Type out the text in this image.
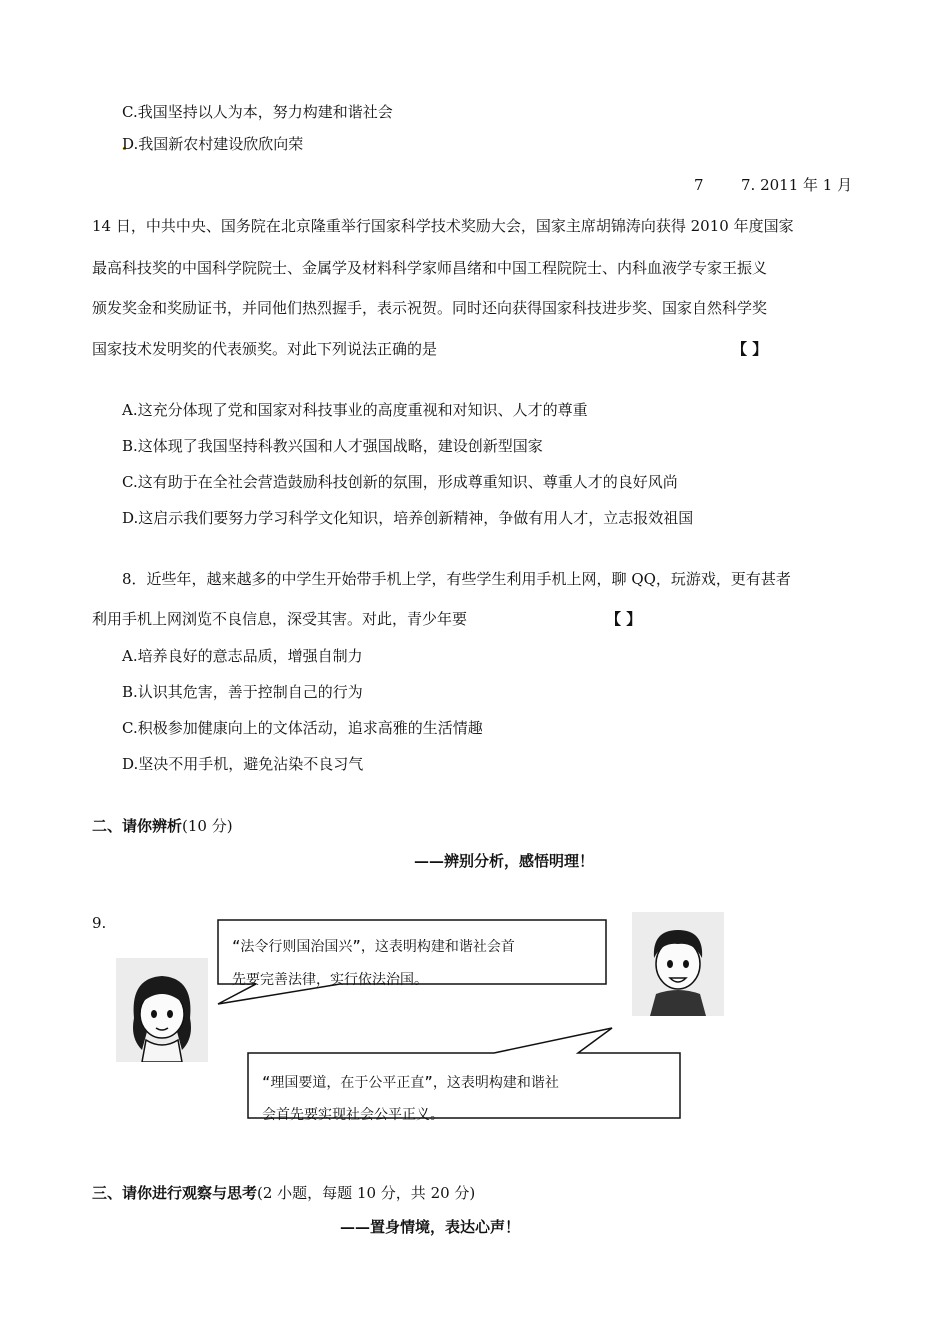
C.我国坚持以人为本，努力构建和谐社会
D.我国新农村建设欣欣向荣
7 7. 2011 年 1 月
14 日，中共中央、国务院在北京隆重举行国家科学技术奖励大会，国家主席胡锦涛向获得 2010 年度国家
最高科技奖的中国科学院院士、金属学及材料科学家师昌绪和中国工程院院士、内科血液学专家王振义
颁发奖金和奖励证书，并同他们热烈握手，表示祝贺。同时还向获得国家科技进步奖、国家自然科学奖
国家技术发明奖的代表颁奖。对此下列说法正确的是	【 】
A.这充分体现了党和国家对科技事业的高度重视和对知识、人才的尊重
B.这体现了我国坚持科教兴国和人才强国战略，建设创新型国家
C.这有助于在全社会营造鼓励科技创新的氛围，形成尊重知识、尊重人才的良好风尚
D.这启示我们要努力学习科学文化知识，培养创新精神，争做有用人才，立志报效祖国
8．近些年，越来越多的中学生开始带手机上学，有些学生利用手机上网，聊 QQ，玩游戏，更有甚者
利用手机上网浏览不良信息，深受其害。对此，青少年要	【 】
A.培养良好的意志品质，增强自制力
B.认识其危害，善于控制自己的行为
C.积极参加健康向上的文体活动，追求高雅的生活情趣
D.坚决不用手机，避免沾染不良习气
二、请你辨析(10 分)
——辨别分析，感悟明理！
9.
“法令行则国治国兴”，这表明构建和谐社会首
先要完善法律，实行依法治国。
“理国要道，在于公平正直”，这表明构建和谐社
会首先要实现社会公平正义。
三、请你进行观察与思考(2 小题，每题 10 分，共 20 分)
——置身情境，表达心声！
